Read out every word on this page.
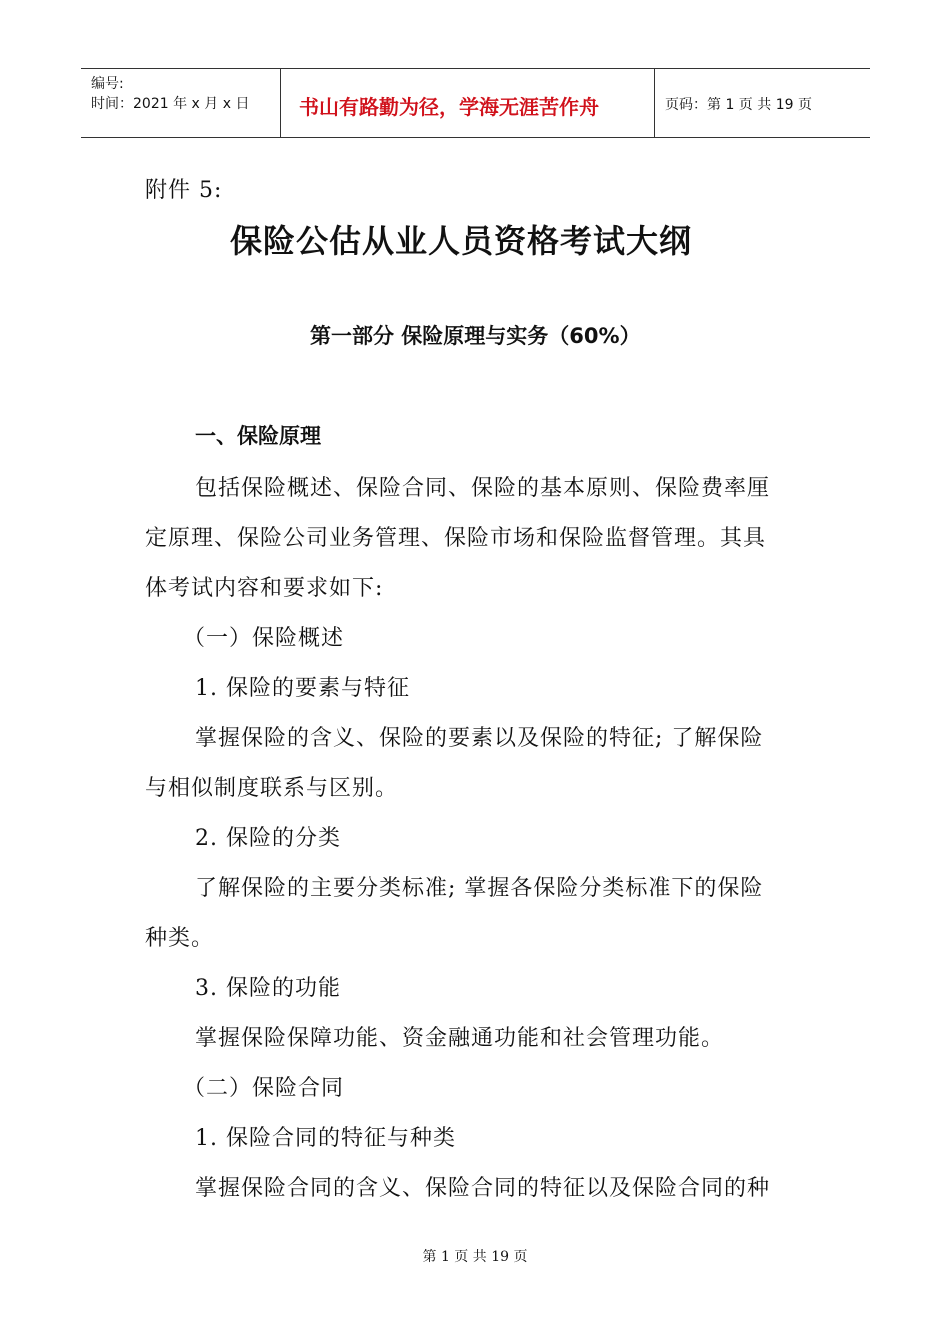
编号:
时间：2021 年 x 月 x 日 书山有路勤为径，学海无涯苦作舟	页码：第 1 页 共 19 页
附件 5:
保险公估从业人员资格考试大纲
第一部分 保险原理与实务（60%）
一、保险原理
包括保险概述、保险合同、保险的基本原则、保险费率厘
定原理、保险公司业务管理、保险市场和保险监督管理。其具
体考试内容和要求如下:
（一）保险概述
1. 保险的要素与特征
掌握保险的含义、保险的要素以及保险的特征; 了解保险
与相似制度联系与区别。
2. 保险的分类
了解保险的主要分类标准; 掌握各保险分类标准下的保险
种类。
3. 保险的功能
掌握保险保障功能、资金融通功能和社会管理功能。
（二）保险合同
1. 保险合同的特征与种类
掌握保险合同的含义、保险合同的特征以及保险合同的种
第 1 页 共 19 页
